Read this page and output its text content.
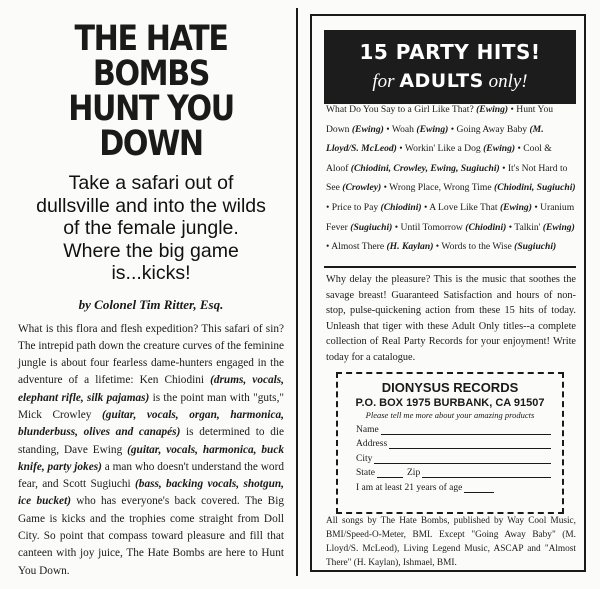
THE HATE BOMBS
HUNT YOU DOWN
Take a safari out of
dullsville and into the wilds
of the female jungle.
Where the big game
is...kicks!
by Colonel Tim Ritter, Esq.
What is this flora and flesh expedition? This safari of sin? The intrepid path down the creature curves of the feminine jungle is about four fearless dame-hunters engaged in the adventure of a lifetime: Ken Chiodini (drums, vocals, elephant rifle, silk pajamas) is the point man with "guts," Mick Crowley (guitar, vocals, organ, harmonica, blunderbuss, olives and canapés) is determined to die standing, Dave Ewing (guitar, vocals, harmonica, buck knife, party jokes) a man who doesn't understand the word fear, and Scott Sugiuchi (bass, backing vocals, shotgun, ice bucket) who has everyone's back covered. The Big Game is kicks and the trophies come straight from Doll City. So point that compass toward pleasure and fill that canteen with joy juice, The Hate Bombs are here to Hunt You Down.
15 PARTY HITS!
for ADULTS only!
What Do You Say to a Girl Like That? (Ewing) • Hunt You Down (Ewing) • Woah (Ewing) • Going Away Baby (M. Lloyd/S. McLeod) • Workin' Like a Dog (Ewing) • Cool & Aloof (Chiodini, Crowley, Ewing, Sugiuchi) • It's Not Hard to See (Crowley) • Wrong Place, Wrong Time (Chiodini, Sugiuchi) • Price to Pay (Chiodini) • A Love Like That (Ewing) • Uranium Fever (Sugiuchi) • Until Tomorrow (Chiodini) • Talkin' (Ewing) • Almost There (H. Kaylan) • Words to the Wise (Sugiuchi)
Why delay the pleasure? This is the music that soothes the savage breast! Guaranteed Satisfaction and hours of non-stop, pulse-quickening action from these 15 hits of today. Unleash that tiger with these Adult Only titles--a complete collection of Real Party Records for your enjoyment! Write today for a catalogue.
DIONYSUS RECORDS
P.O. BOX 1975 BURBANK, CA 91507
Please tell me more about your amazing products
Name
Address
City
State	Zip
I am at least 21 years of age
All songs by The Hate Bombs, published by Way Cool Music, BMI/Speed-O-Meter, BMI. Except "Going Away Baby" (M. Lloyd/S. McLeod), Living Legend Music, ASCAP and "Almost There" (H. Kaylan), Ishmael, BMI.
